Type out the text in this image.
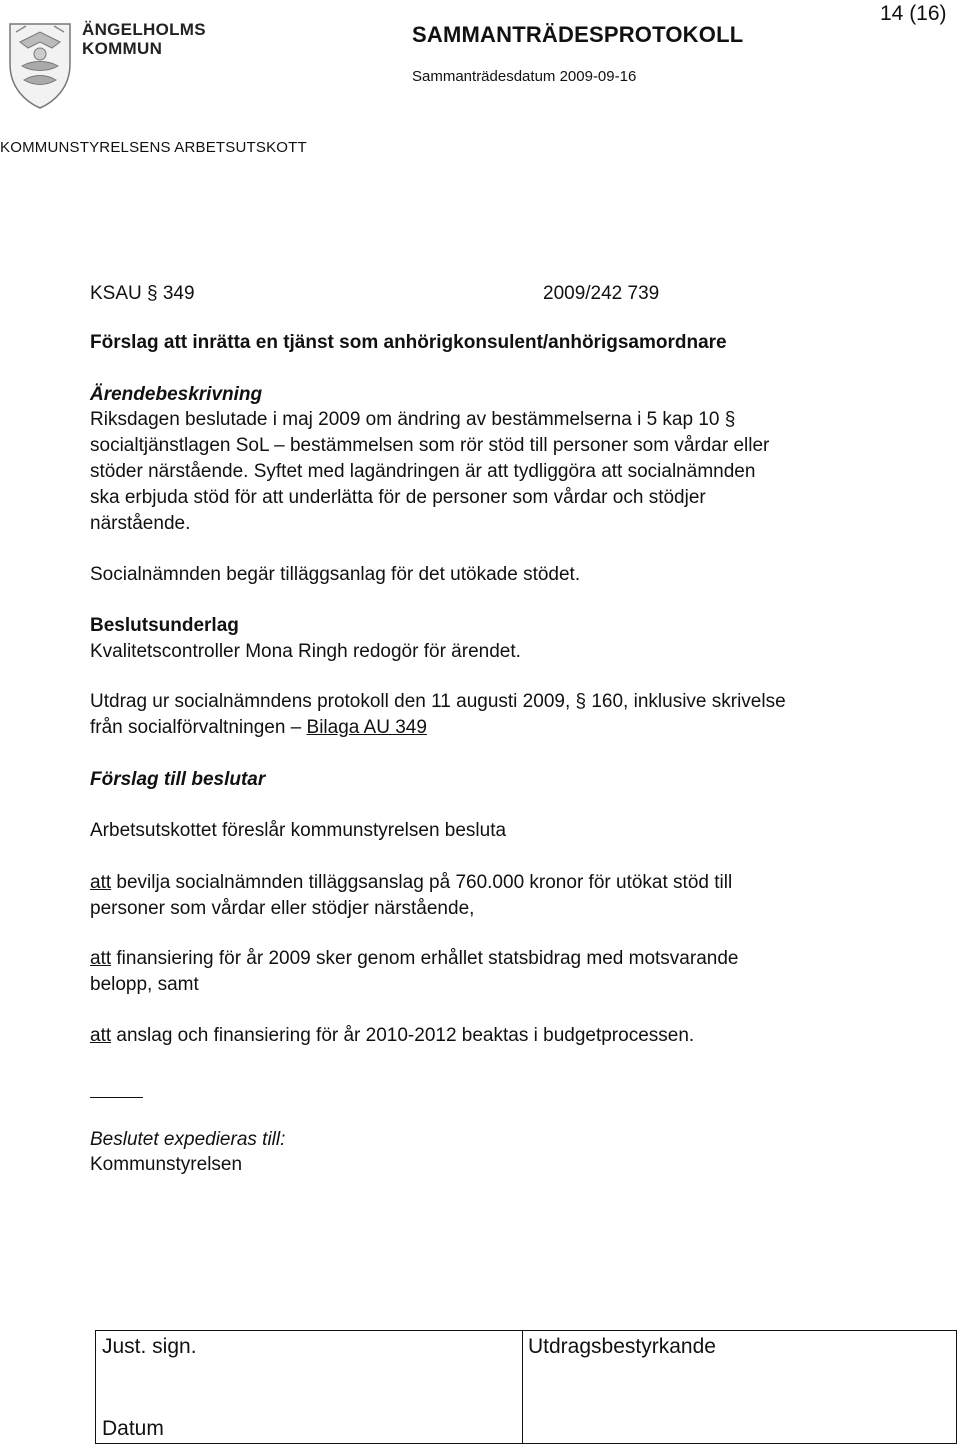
ÄNGELHOLMS
KOMMUN
SAMMANTRÄDESPROTOKOLL
14 (16)
Sammanträdesdatum 2009-09-16
KOMMUNSTYRELSENS ARBETSUTSKOTT
KSAU § 349	2009/242 739
Förslag att inrätta en tjänst som anhörigkonsulent/anhörigsamordnare
Ärendebeskrivning
Riksdagen beslutade i maj 2009 om ändring av bestämmelserna i 5 kap 10 §
socialtjänstlagen SoL – bestämmelsen som rör stöd till personer som vårdar eller
stöder närstående. Syftet med lagändringen är att tydliggöra att socialnämnden
ska erbjuda stöd för att underlätta för de personer som vårdar och stödjer
närstående.
Socialnämnden begär tilläggsanlag för det utökade stödet.
Beslutsunderlag
Kvalitetscontroller Mona Ringh redogör för ärendet.
Utdrag ur socialnämndens protokoll den 11 augusti 2009, § 160, inklusive skrivelse
från socialförvaltningen – Bilaga AU 349
Förslag till beslutar
Arbetsutskottet föreslår kommunstyrelsen besluta
att bevilja socialnämnden tilläggsanslag på 760.000 kronor för utökat stöd till
personer som vårdar eller stödjer närstående,
att finansiering för år 2009 sker genom erhållet statsbidrag med motsvarande
belopp, samt
att anslag och finansiering för år 2010-2012 beaktas i budgetprocessen.
Beslutet expedieras till:
Kommunstyrelsen
Just. sign.
Datum
Utdragsbestyrkande
